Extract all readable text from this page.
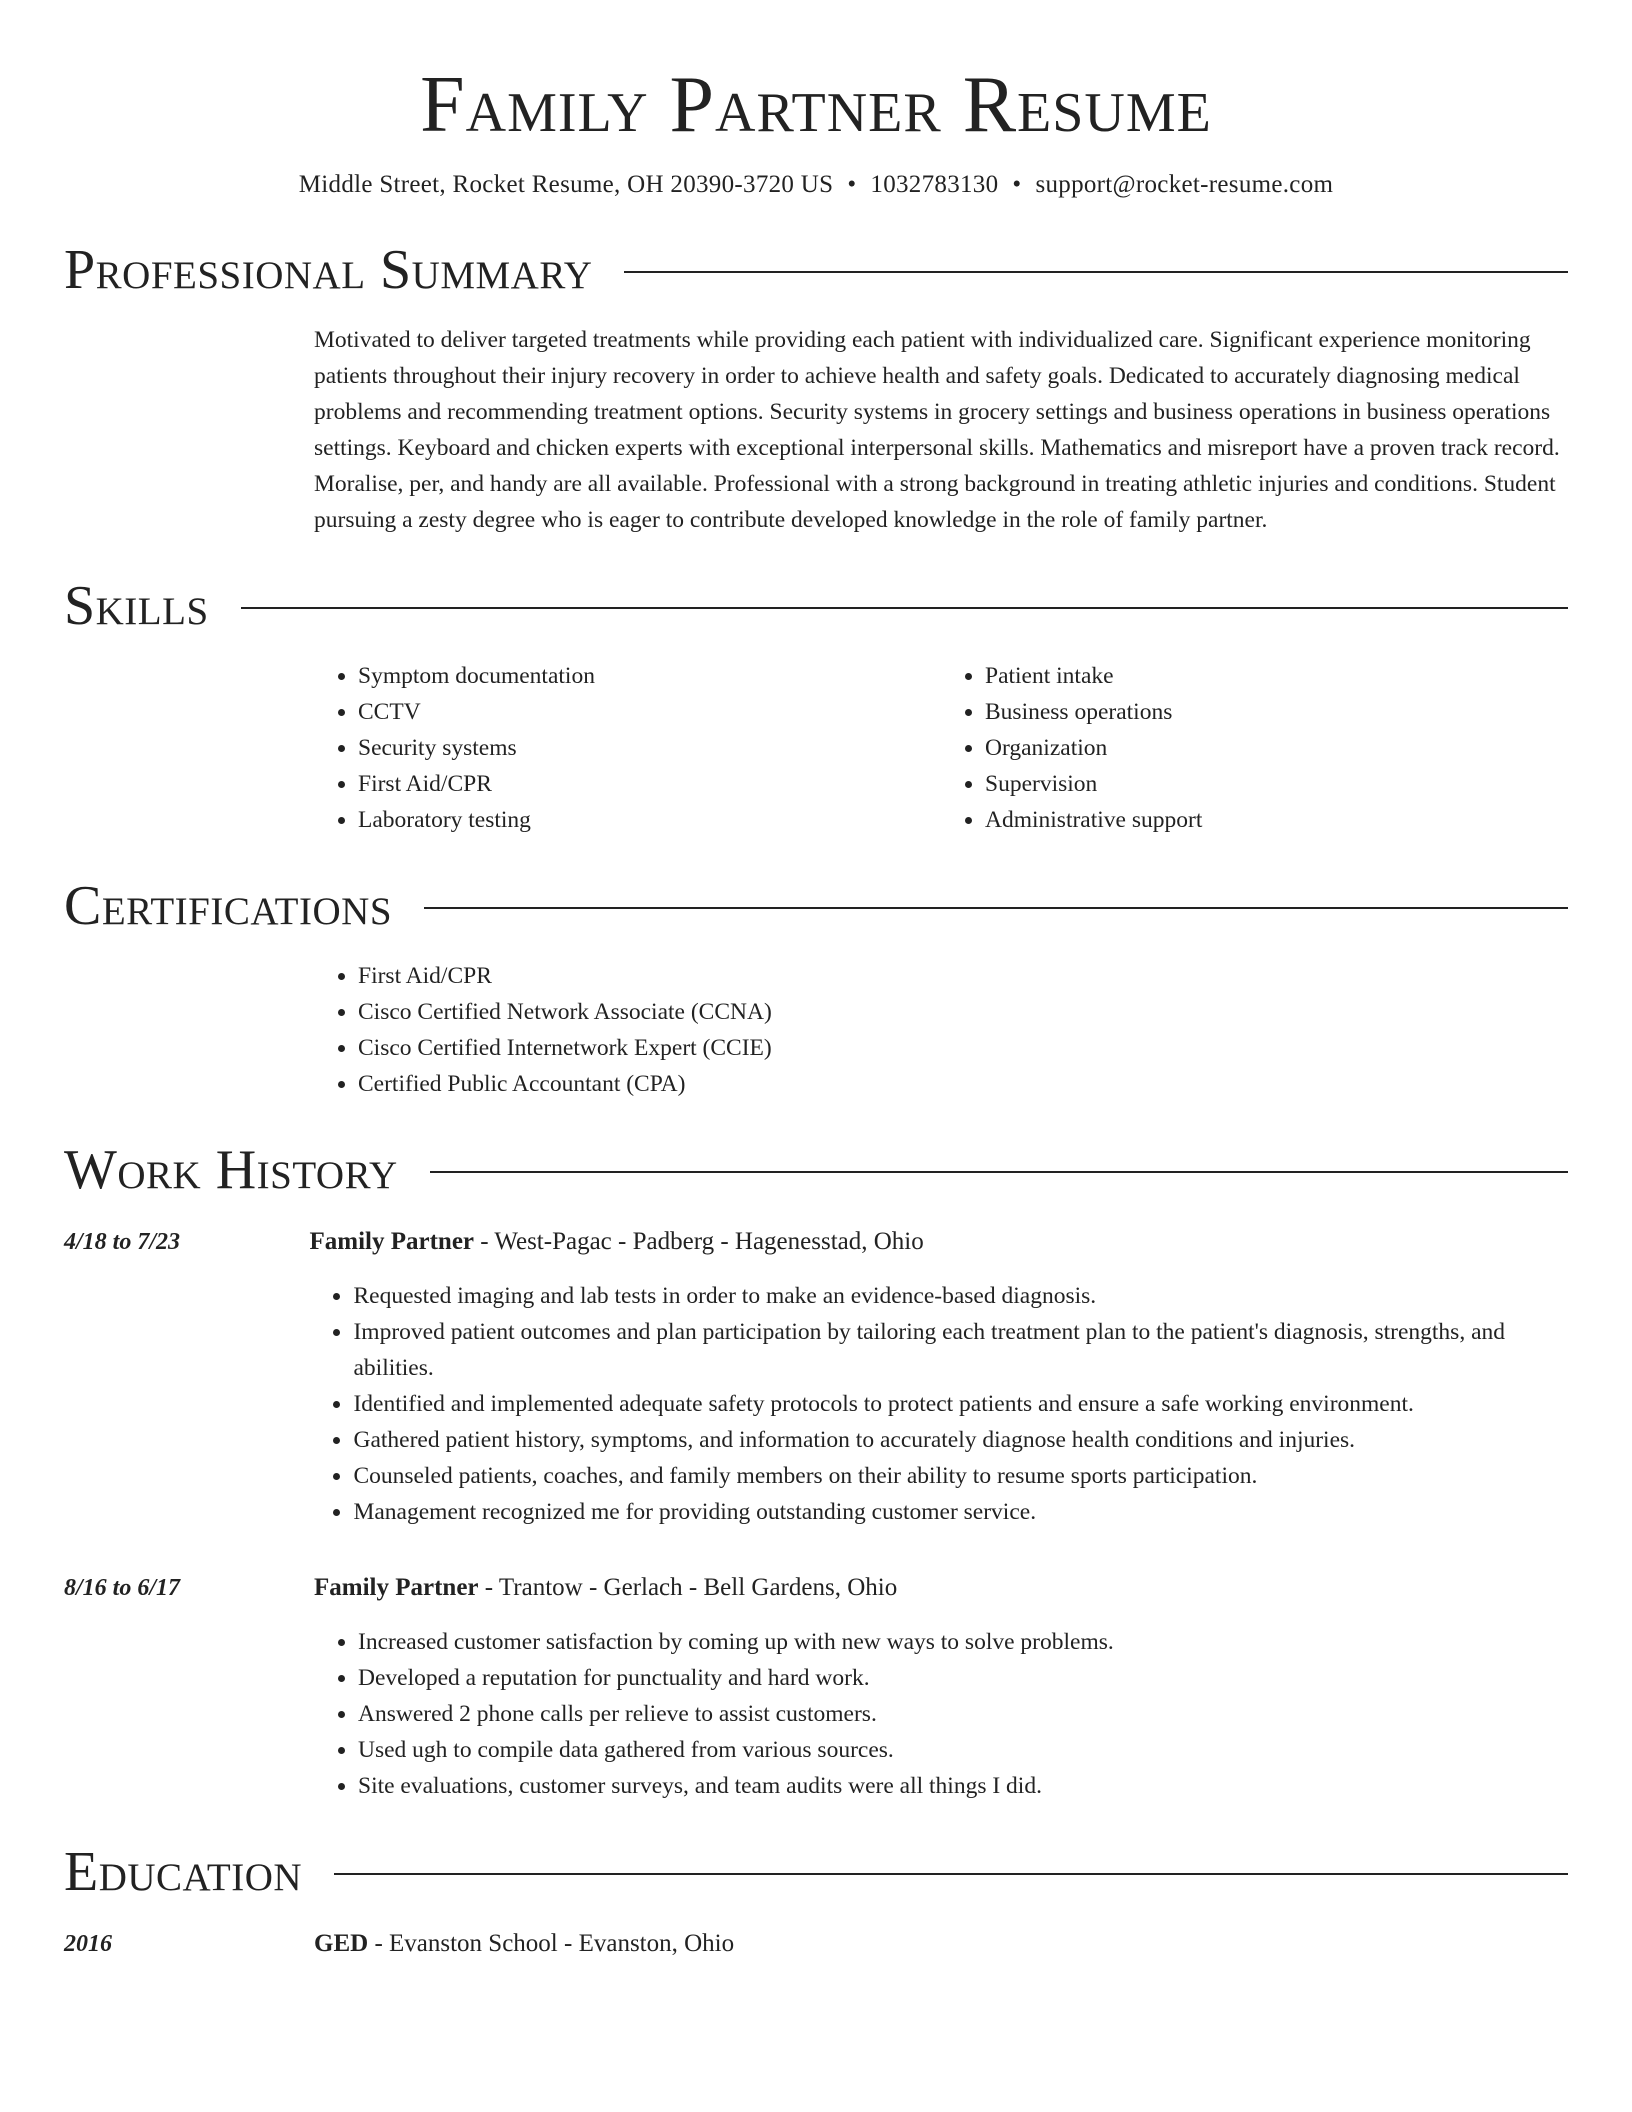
Family Partner Resume
Middle Street, Rocket Resume, OH 20390-3720 US • 1032783130 • support@rocket-resume.com
Professional Summary
Motivated to deliver targeted treatments while providing each patient with individualized care. Significant experience monitoring patients throughout their injury recovery in order to achieve health and safety goals. Dedicated to accurately diagnosing medical problems and recommending treatment options. Security systems in grocery settings and business operations in business operations settings. Keyboard and chicken experts with exceptional interpersonal skills. Mathematics and misreport have a proven track record. Moralise, per, and handy are all available. Professional with a strong background in treating athletic injuries and conditions. Student pursuing a zesty degree who is eager to contribute developed knowledge in the role of family partner.
Skills
• Symptom documentation
• CCTV
• Security systems
• First Aid/CPR
• Laboratory testing
• Patient intake
• Business operations
• Organization
• Supervision
• Administrative support
Certifications
• First Aid/CPR
• Cisco Certified Network Associate (CCNA)
• Cisco Certified Internetwork Expert (CCIE)
• Certified Public Accountant (CPA)
Work History
4/18 to 7/23	Family Partner - West-Pagac - Padberg - Hagenesstad, Ohio
• Requested imaging and lab tests in order to make an evidence-based diagnosis.
• Improved patient outcomes and plan participation by tailoring each treatment plan to the patient's diagnosis, strengths, and abilities.
• Identified and implemented adequate safety protocols to protect patients and ensure a safe working environment.
• Gathered patient history, symptoms, and information to accurately diagnose health conditions and injuries.
• Counseled patients, coaches, and family members on their ability to resume sports participation.
• Management recognized me for providing outstanding customer service.
8/16 to 6/17	Family Partner - Trantow - Gerlach - Bell Gardens, Ohio
• Increased customer satisfaction by coming up with new ways to solve problems.
• Developed a reputation for punctuality and hard work.
• Answered 2 phone calls per relieve to assist customers.
• Used ugh to compile data gathered from various sources.
• Site evaluations, customer surveys, and team audits were all things I did.
Education
2016	GED - Evanston School - Evanston, Ohio
